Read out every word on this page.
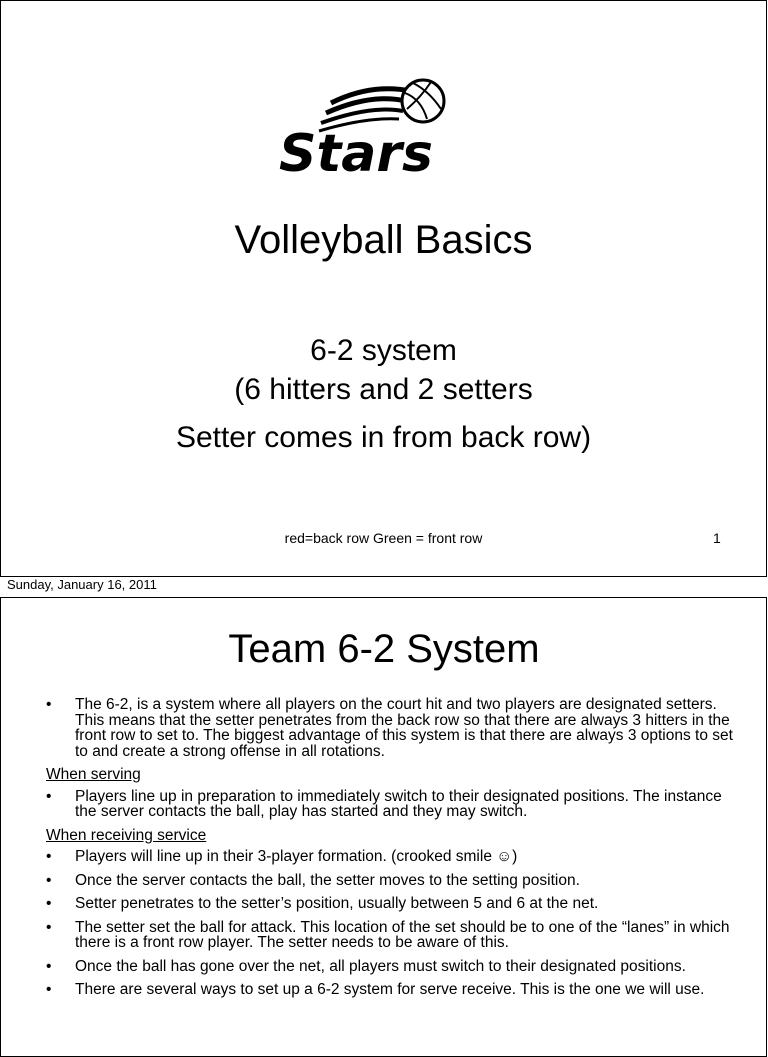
Stars
Volleyball Basics
6-2 system
(6 hitters and 2 setters
Setter comes in from back row)
red=back row Green = front row	1
Sunday, January 16, 2011
Team 6-2 System
• The 6-2, is a system where all players on the court hit and two players are designated setters. This means that the setter penetrates from the back row so that there are always 3 hitters in the front row to set to. The biggest advantage of this system is that there are always 3 options to set to and create a strong offense in all rotations.
When serving
• Players line up in preparation to immediately switch to their designated positions. The instance the server contacts the ball, play has started and they may switch.
When receiving service
• Players will line up in their 3-player formation. (crooked smile ☺)
• Once the server contacts the ball, the setter moves to the setting position.
• Setter penetrates to the setter’s position, usually between 5 and 6 at the net.
• The setter set the ball for attack. This location of the set should be to one of the “lanes” in which there is a front row player. The setter needs to be aware of this.
• Once the ball has gone over the net, all players must switch to their designated positions.
• There are several ways to set up a 6-2 system for serve receive. This is the one we will use.
